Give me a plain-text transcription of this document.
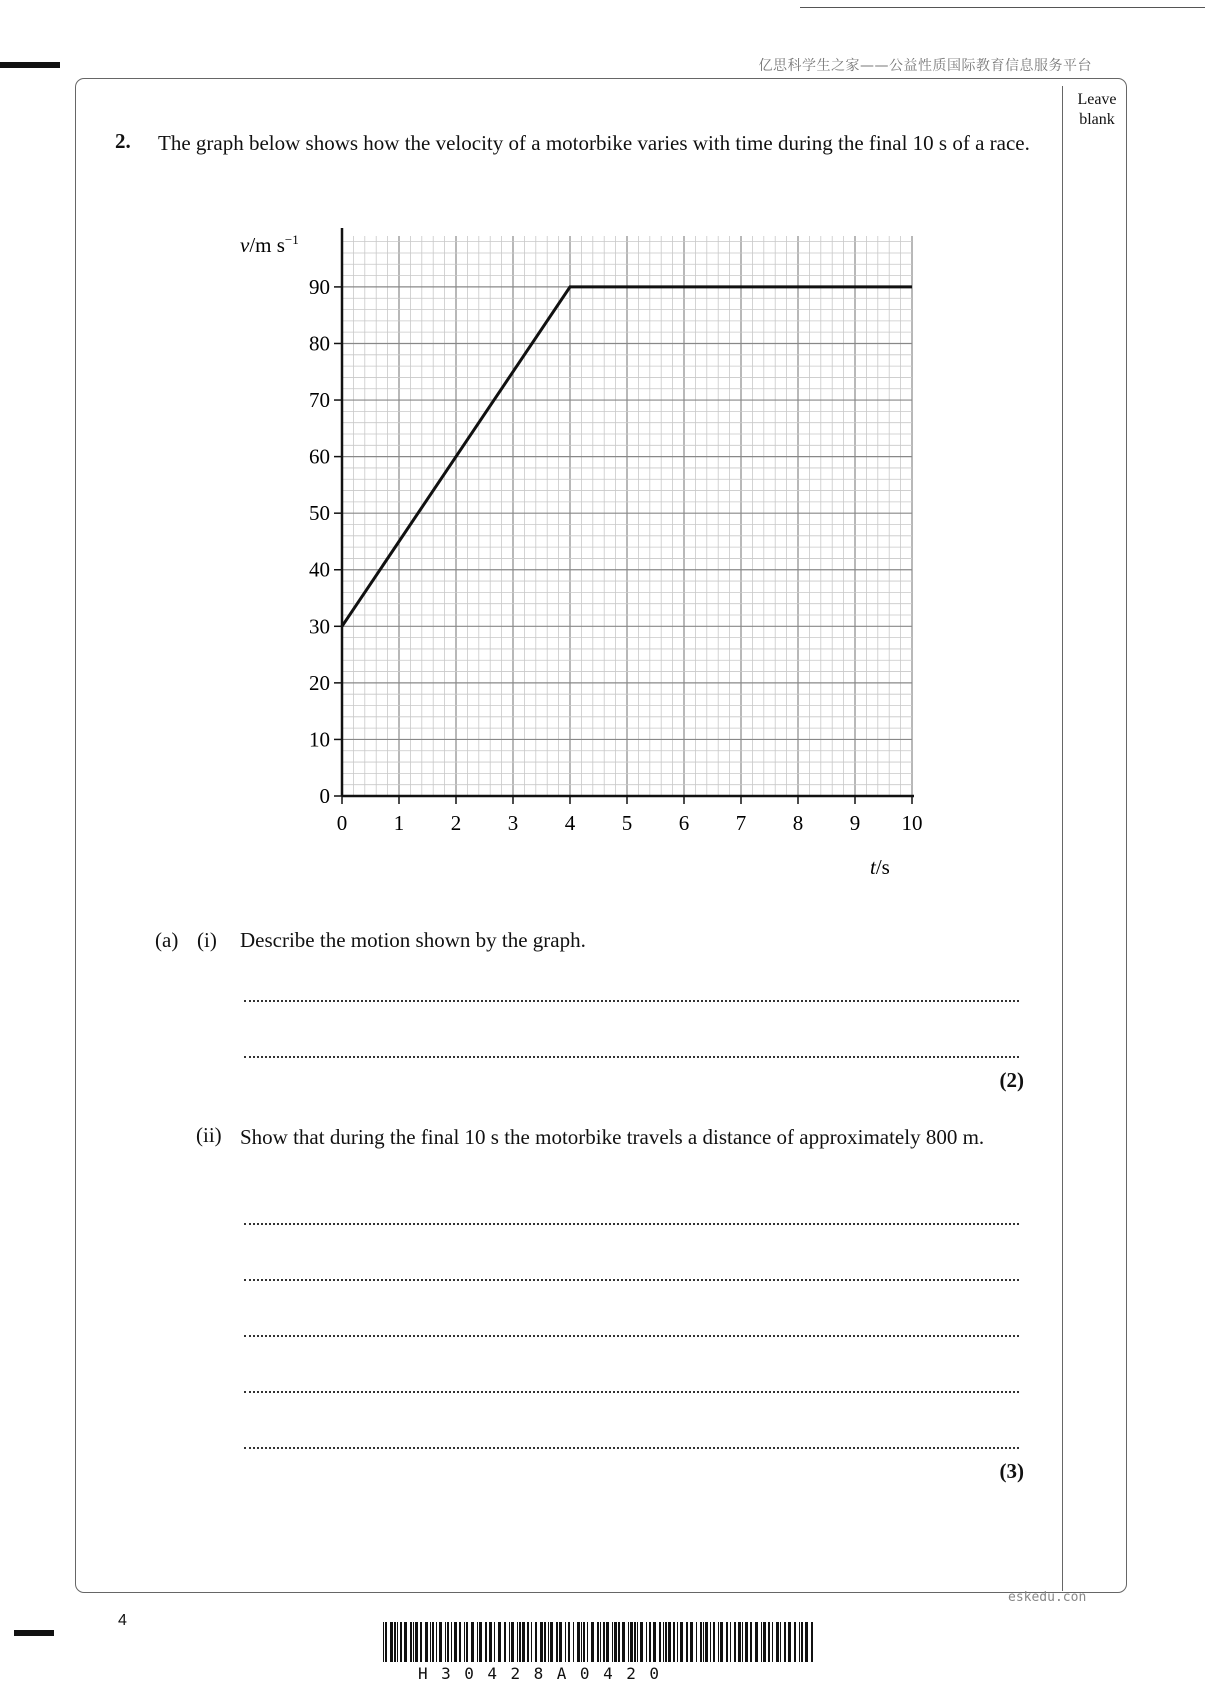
亿思科学生之家——公益性质国际教育信息服务平台
Leave
blank
2. The graph below shows how the velocity of a motorbike varies with time during the final 10 s of a race.
0 1 2 3 4 5 6 7 8 9 10
0
10
20
30
40
50
60
70
80
90
v/m $s^{-1}$
t/s
(a) (i) Describe the motion shown by the graph.
(2)
(ii) Show that during the final 10 s the motorbike travels a distance of approximately 800 m.
(3)
4
eskedu.con
H30428A0420
